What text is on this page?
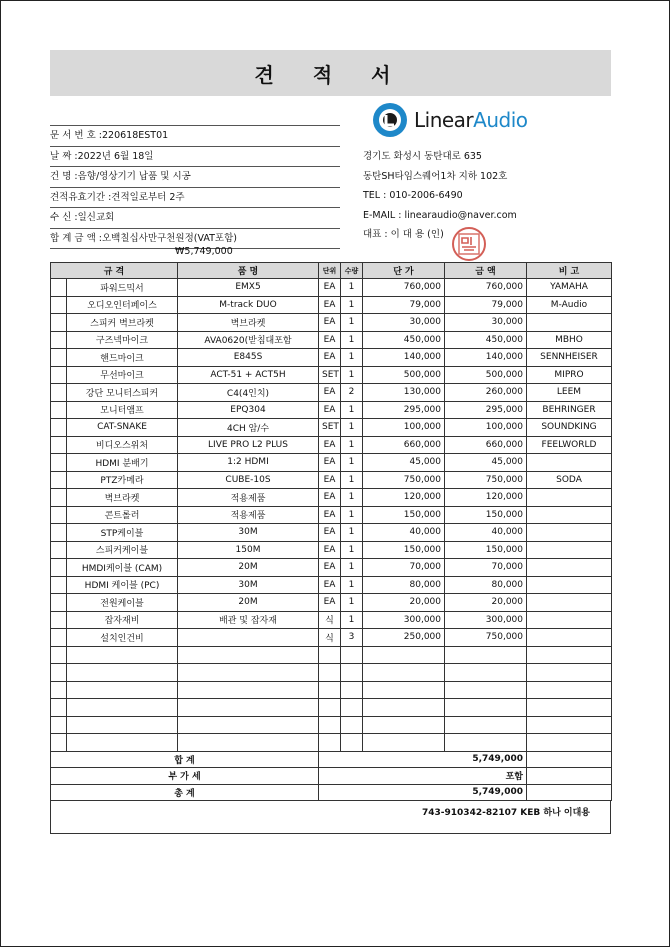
견 적 서
문 서 번 호 :220618EST01
날 짜 :2022년 6월 18일
건 명 :음향/영상기기 납품 및 시공
견적유효기간 :견적일로부터 2주
수 신 :일신교회
합 계 금 액 :오백칠십사만구천원정(VAT포함)
₩5,749,000
LinearAudio
경기도 화성시 동탄대로 635
동탄SH타임스퀘어1차 지하 102호
TEL : 010-2006-6490
E-MAIL : linearaudio@naver.com
대표 : 이 대 용 (인)
규 격		품 명	단위	수량	단 가	금 액	비 고
	파워드믹서	EMX5	EA	1	760,000	760,000	YAMAHA
	오디오인터페이스	M-track DUO	EA	1	79,000	79,000	M-Audio
	스피커 벽브라켓	벽브라켓	EA	1	30,000	30,000	
	구즈넥마이크	AVA0620(받침대포함	EA	1	450,000	450,000	MBHO
	핸드마이크	E845S	EA	1	140,000	140,000	SENNHEISER
	무선마이크	ACT-51 + ACT5H	SET	1	500,000	500,000	MIPRO
	강단 모니터스피커	C4(4인치)	EA	2	130,000	260,000	LEEM
	모니터앰프	EPQ304	EA	1	295,000	295,000	BEHRINGER
	CAT-SNAKE	4CH 암/수	SET	1	100,000	100,000	SOUNDKING
	비디오스위처	LIVE PRO L2 PLUS	EA	1	660,000	660,000	FEELWORLD
	HDMI 분배기	1:2 HDMI	EA	1	45,000	45,000	
	PTZ카메라	CUBE-10S	EA	1	750,000	750,000	SODA
	벽브라켓	적용제품	EA	1	120,000	120,000	
	콘트롤러	적용제품	EA	1	150,000	150,000	
	STP케이블	30M	EA	1	40,000	40,000	
	스피커케이블	150M	EA	1	150,000	150,000	
	HMDI케이블 (CAM)	20M	EA	1	70,000	70,000	
	HDMI 케이블 (PC)	30M	EA	1	80,000	80,000	
	전원케이블	20M	EA	1	20,000	20,000	
	잡자재비	배관 및 잡자재	식	1	300,000	300,000	
	설치인건비		식	3	250,000	750,000	

합 계			5,749,000				
부 가 세			포함				
총 계			5,749,000				
743-910342-82107 KEB 하나 이대용
